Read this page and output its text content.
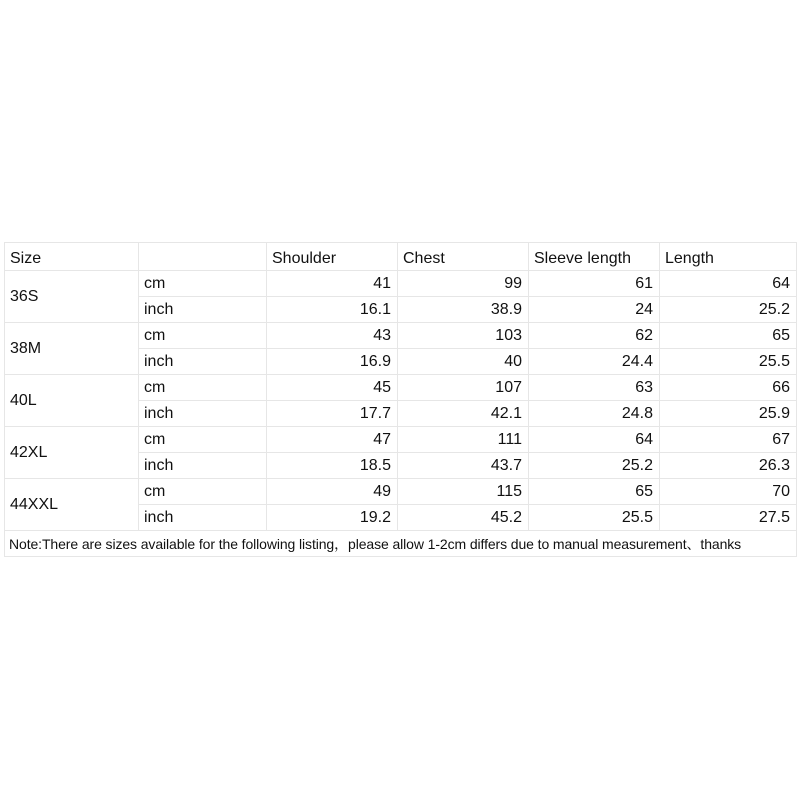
Size		Shoulder	Chest	Sleeve length	Length
36S	cm	41	99	61	64
	inch	16.1	38.9	24	25.2
38M	cm	43	103	62	65
	inch	16.9	40	24.4	25.5
40L	cm	45	107	63	66
	inch	17.7	42.1	24.8	25.9
42XL	cm	47	111	64	67
	inch	18.5	43.7	25.2	26.3
44XXL	cm	49	115	65	70
	inch	19.2	45.2	25.5	27.5
Note:There are sizes available for the following listing，please allow 1-2cm differs due to manual measurement、thanks					
